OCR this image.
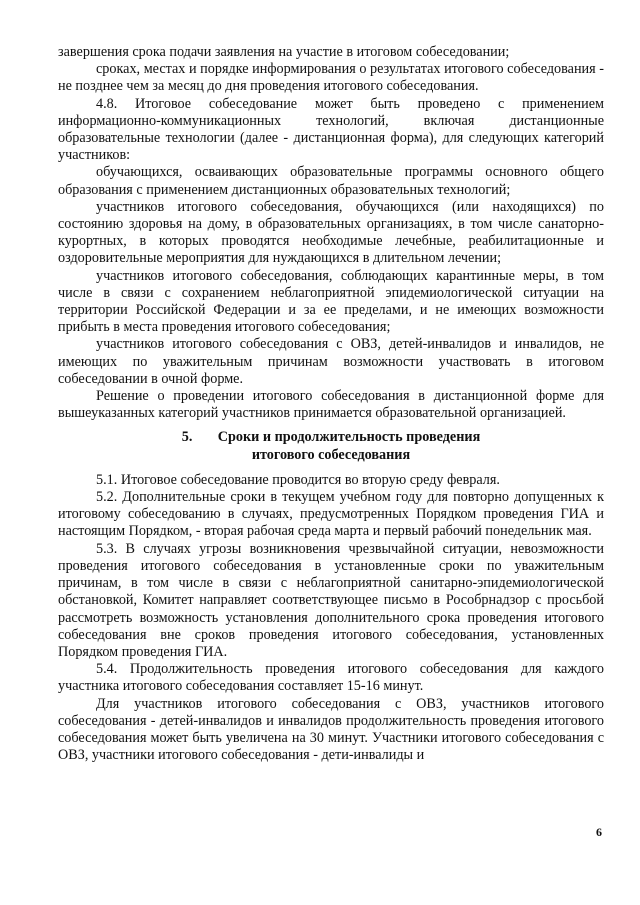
завершения срока подачи заявления на участие в итоговом собеседовании;

сроках, местах и порядке информирования о результатах итогового собеседования - не позднее чем за месяц до дня проведения итогового собеседования.

4.8. Итоговое собеседование может быть проведено с применением информационно-коммуникационных технологий, включая дистанционные образовательные технологии (далее - дистанционная форма), для следующих категорий участников:

обучающихся, осваивающих образовательные программы основного общего образования с применением дистанционных образовательных технологий;

участников итогового собеседования, обучающихся (или находящихся) по состоянию здоровья на дому, в образовательных организациях, в том числе санаторно-курортных, в которых проводятся необходимые лечебные, реабилитационные и оздоровительные мероприятия для нуждающихся в длительном лечении;

участников итогового собеседования, соблюдающих карантинные меры, в том числе в связи с сохранением неблагоприятной эпидемиологической ситуации на территории Российской Федерации и за ее пределами, и не имеющих возможности прибыть в места проведения итогового собеседования;

участников итогового собеседования с ОВЗ, детей-инвалидов и инвалидов, не имеющих по уважительным причинам возможности участвовать в итоговом собеседовании в очной форме.

Решение о проведении итогового собеседования в дистанционной форме для вышеуказанных категорий участников принимается образовательной организацией.

5. Сроки и продолжительность проведения
итогового собеседования

5.1. Итоговое собеседование проводится во вторую среду февраля.

5.2. Дополнительные сроки в текущем учебном году для повторно допущенных к итоговому собеседованию в случаях, предусмотренных Порядком проведения ГИА и настоящим Порядком, - вторая рабочая среда марта и первый рабочий понедельник мая.

5.3. В случаях угрозы возникновения чрезвычайной ситуации, невозможности проведения итогового собеседования в установленные сроки по уважительным причинам, в том числе в связи с неблагоприятной санитарно-эпидемиологической обстановкой, Комитет направляет соответствующее письмо в Рособрнадзор с просьбой рассмотреть возможность установления дополнительного срока проведения итогового собеседования вне сроков проведения итогового собеседования, установленных Порядком проведения ГИА.

5.4. Продолжительность проведения итогового собеседования для каждого участника итогового собеседования составляет 15-16 минут.

Для участников итогового собеседования с ОВЗ, участников итогового собеседования - детей-инвалидов и инвалидов продолжительность проведения итогового собеседования может быть увеличена на 30 минут. Участники итогового собеседования с ОВЗ, участники итогового собеседования - дети-инвалиды и

6
